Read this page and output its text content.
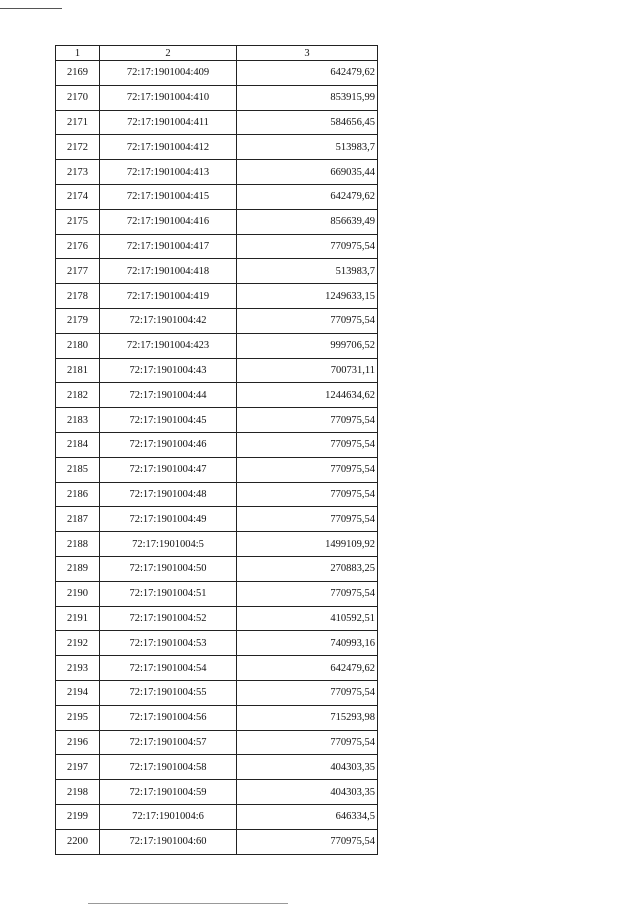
1	2	3
2169	72:17:1901004:409	642479,62
2170	72:17:1901004:410	853915,99
2171	72:17:1901004:411	584656,45
2172	72:17:1901004:412	513983,7
2173	72:17:1901004:413	669035,44
2174	72:17:1901004:415	642479,62
2175	72:17:1901004:416	856639,49
2176	72:17:1901004:417	770975,54
2177	72:17:1901004:418	513983,7
2178	72:17:1901004:419	1249633,15
2179	72:17:1901004:42	770975,54
2180	72:17:1901004:423	999706,52
2181	72:17:1901004:43	700731,11
2182	72:17:1901004:44	1244634,62
2183	72:17:1901004:45	770975,54
2184	72:17:1901004:46	770975,54
2185	72:17:1901004:47	770975,54
2186	72:17:1901004:48	770975,54
2187	72:17:1901004:49	770975,54
2188	72:17:1901004:5	1499109,92
2189	72:17:1901004:50	270883,25
2190	72:17:1901004:51	770975,54
2191	72:17:1901004:52	410592,51
2192	72:17:1901004:53	740993,16
2193	72:17:1901004:54	642479,62
2194	72:17:1901004:55	770975,54
2195	72:17:1901004:56	715293,98
2196	72:17:1901004:57	770975,54
2197	72:17:1901004:58	404303,35
2198	72:17:1901004:59	404303,35
2199	72:17:1901004:6	646334,5
2200	72:17:1901004:60	770975,54
